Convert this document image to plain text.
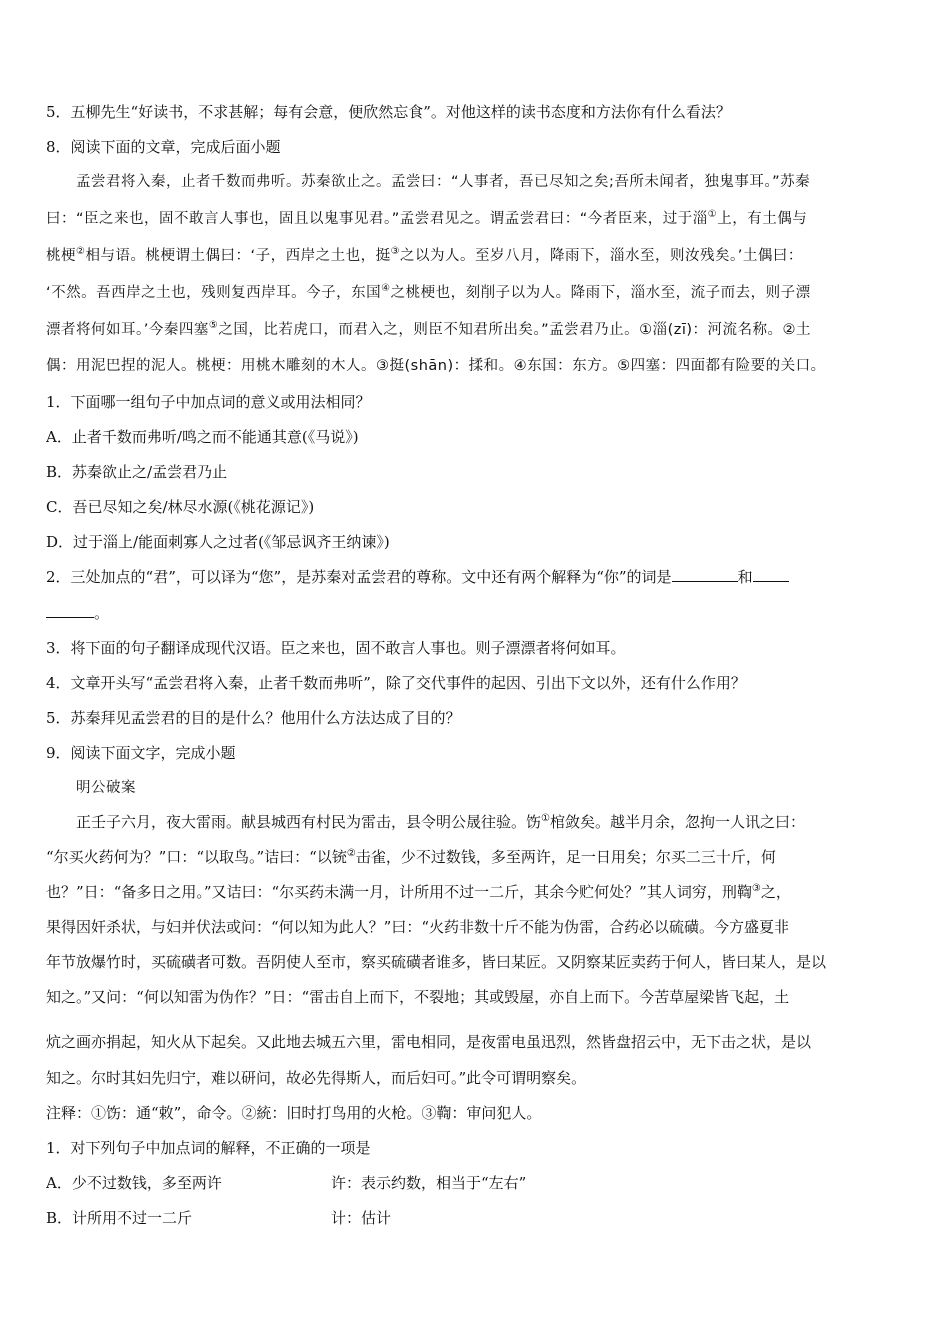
5．五柳先生“好读书，不求甚解；每有会意，便欣然忘食”。对他这样的读书态度和方法你有什么看法？
8．阅读下面的文章，完成后面小题
孟尝君将入秦，止者千数而弗听。苏秦欲止之。孟尝曰：“人事者，吾已尽知之矣;吾所未闻者，独鬼事耳。”苏秦
曰：“臣之来也，固不敢言人事也，固且以鬼事见君。”孟尝君见之。谓孟尝君曰：“今者臣来，过于淄①上，有土偶与
桃梗②相与语。桃梗谓土偶曰：‘子，西岸之土也，挺③之以为人。至岁八月，降雨下，淄水至，则汝残矣。’土偶曰：
‘不然。吾西岸之土也，残则复西岸耳。今子，东国④之桃梗也，刻削子以为人。降雨下，淄水至，流子而去，则子漂
漂者将何如耳。’今秦四塞⑤之国，比若虎口，而君入之，则臣不知君所出矣。”孟尝君乃止。①淄(zī)：河流名称。②土
偶：用泥巴捏的泥人。桃梗：用桃木雕刻的木人。③挺(shān)：揉和。④东国：东方。⑤四塞：四面都有险要的关口。
1．下面哪一组句子中加点词的意义或用法相同？
A．止者千数而弗听/鸣之而不能通其意(《马说》)
B．苏秦欲止之/孟尝君乃止
C．吾已尽知之矣/林尽水源(《桃花源记》)
D．过于淄上/能面刺寡人之过者(《邹忌讽齐王纳谏》)
2．三处加点的“君”，可以译为“您”，是苏秦对孟尝君的尊称。文中还有两个解释为“你”的词是	和
。
3．将下面的句子翻译成现代汉语。臣之来也，固不敢言人事也。则子漂漂者将何如耳。
4．文章开头写“孟尝君将入秦，止者千数而弗听”，除了交代事件的起因、引出下文以外，还有什么作用？
5．苏秦拜见孟尝君的目的是什么？他用什么方法达成了目的？
9．阅读下面文字，完成小题
明公破案
正壬子六月，夜大雷雨。献县城西有村民为雷击，县令明公晟往验。饬①棺敛矣。越半月余，忽拘一人讯之曰：
“尔买火药何为？”口：“以取鸟。”诘曰：“以铳②击雀，少不过数钱，多至两许，足一日用矣；尔买二三十斤，何
也？”日：“备多日之用。”又诘曰：“尔买药未满一月，计所用不过一二斤，其余今贮何处？”其人词穷，刑鞫③之，
果得因奸杀状，与妇并伏法或问：“何以知为此人？”曰：“火药非数十斤不能为伪雷，合药必以硫磺。今方盛夏非
年节放爆竹时，买硫磺者可数。吾阴使人至市，察买硫磺者谁多，皆曰某匠。又阴察某匠卖药于何人，皆曰某人，是以
知之。”又问：“何以知雷为伪作？”日：“雷击自上而下，不裂地；其或毁屋，亦自上而下。今苦草屋梁皆飞起，土
炕之画亦捐起，知火从下起矣。又此地去城五六里，雷电相同，是夜雷电虽迅烈，然皆盘招云中，无下击之状，是以
知之。尔时其妇先归宁，难以研问，故必先得斯人，而后妇可。”此令可谓明察矣。
注释：①饬：通“敕”，命令。②統：旧时打鸟用的火枪。③鞫：审问犯人。
1．对下列句子中加点词的解释，不正确的一项是
A．少不过数钱，多至两许	许：表示约数，相当于“左右”
B．计所用不过一二斤	计：估计
